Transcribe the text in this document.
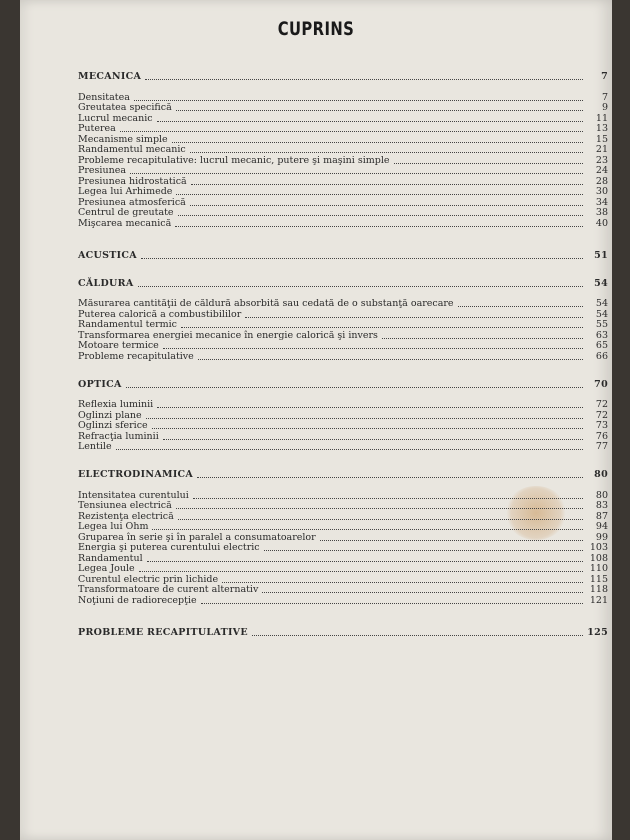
CUPRINS
MECANICA	7
Densitatea	7
Greutatea specifică	9
Lucrul mecanic	11
Puterea	13
Mecanisme simple	15
Randamentul mecanic	21
Probleme recapitulative: lucrul mecanic, putere şi maşini simple	23
Presiunea	24
Presiunea hidrostatică	28
Legea lui Arhimede	30
Presiunea atmosferică	34
Centrul de greutate	38
Mişcarea mecanică	40
ACUSTICA	51
CĂLDURA	54
Măsurarea cantităţii de căldură absorbită sau cedată de o substanţă oarecare	54
Puterea calorică a combustibililor	54
Randamentul termic	55
Transformarea energiei mecanice în energie calorică şi invers	63
Motoare termice	65
Probleme recapitulative	66
OPTICA	70
Reflexia luminii	72
Oglinzi plane	72
Oglinzi sferice	73
Refracţia luminii	76
Lentile	77
ELECTRODINAMICA	80
Intensitatea curentului	80
Tensiunea electrică	83
Rezistenţa electrică	87
Legea lui Ohm	94
Gruparea în serie şi în paralel a consumatoarelor	99
Energia şi puterea curentului electric	103
Randamentul	108
Legea Joule	110
Curentul electric prin lichide	115
Transformatoare de curent alternativ	118
Noţiuni de radiorecepţie	121
PROBLEME RECAPITULATIVE	125
